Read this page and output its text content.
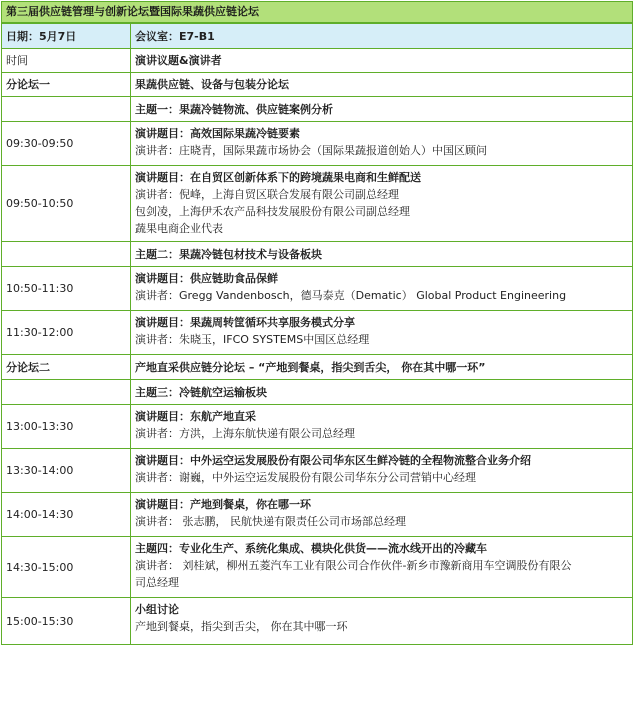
第三届供应链管理与创新论坛暨国际果蔬供应链论坛
日期：5月7日	会议室：E7-B1
时间	演讲议题&演讲者

分论坛一	果蔬供应链、设备与包装分论坛

	主题一：果蔬冷链物流、供应链案例分析

09:30-09:50	演讲题目：高效国际果蔬冷链要素
演讲者：庄晓青，国际果蔬市场协会（国际果蔬报道创始人）中国区顾问

09:50-10:50	演讲题目：在自贸区创新体系下的跨境蔬果电商和生鲜配送
演讲者：倪峰，上海自贸区联合发展有限公司副总经理
包剑凌，上海伊禾农产品科技发展股份有限公司副总经理
蔬果电商企业代表

	主题二：果蔬冷链包材技术与设备板块

10:50-11:30	演讲题目：供应链助食品保鲜
演讲者：Gregg Vandenbosch，德马泰克（Dematic） Global Product Engineering

11:30-12:00	演讲题目：果蔬周转筐循环共享服务模式分享
演讲者：朱晓玉，IFCO SYSTEMS中国区总经理

分论坛二	产地直采供应链分论坛 – “产地到餐桌，指尖到舌尖， 你在其中哪一环”

	主题三：冷链航空运输板块

13:00-13:30	演讲题目：东航产地直采
演讲者：方洪，上海东航快递有限公司总经理

13:30-14:00	演讲题目：中外运空运发展股份有限公司华东区生鲜冷链的全程物流整合业务介绍
演讲者：谢巍，中外运空运发展股份有限公司华东分公司营销中心经理

14:00-14:30	演讲题目：产地到餐桌，你在哪一环
演讲者： 张志鹏， 民航快递有限责任公司市场部总经理

14:30-15:00	主题四：专业化生产、系统化集成、模块化供货——流水线开出的冷藏车
演讲者： 刘桂斌，柳州五菱汽车工业有限公司合作伙伴-新乡市豫新商用车空调股份有限公
司总经理

15:00-15:30	小组讨论
产地到餐桌，指尖到舌尖， 你在其中哪一环
